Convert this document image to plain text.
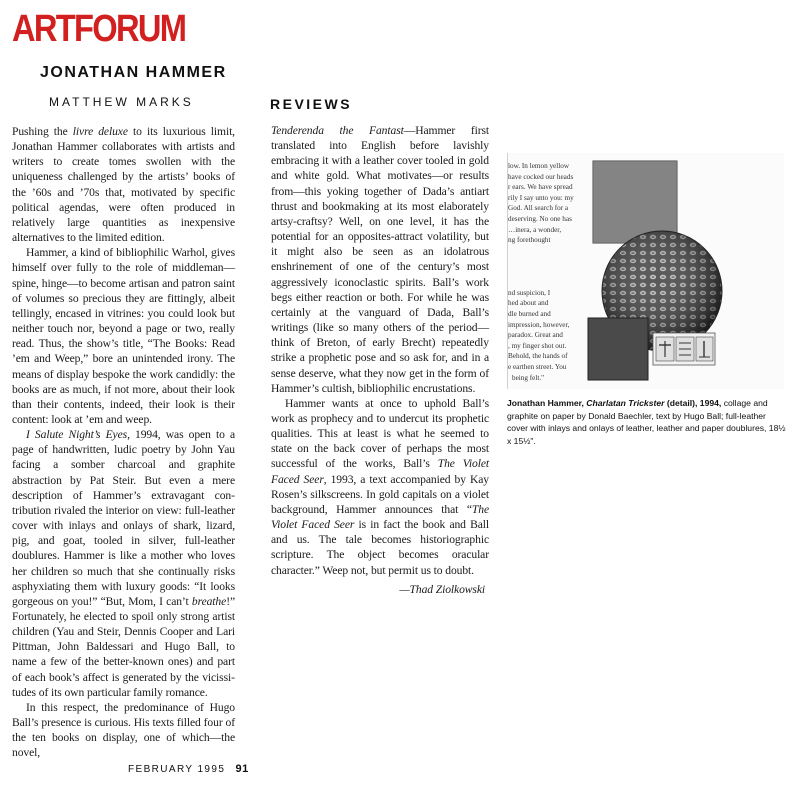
ARTFORUM
JONATHAN HAMMER
MATTHEW MARKS	REVIEWS

Pushing the livre deluxe to its luxurious limit, Jonathan Hammer collaborates with artists and writers to create tomes swollen with the uniqueness challenged by the artists’ books of the ’60s and ’70s that, motivated by specific political agendas, were often produced in relatively large quantities as inexpensive alternatives to the limited edition.

Hammer, a kind of bibliophilic Warhol, gives himself over fully to the role of middleman—spine, hinge—to become artisan and patron saint of volumes so precious they are fittingly, albeit tellingly, encased in vitrines: you could look but neither touch nor, beyond a page or two, really read. Thus, the show’s title, “The Books: Read ’em and Weep,” bore an unintended irony. The means of display bespoke the work candidly: the books are as much, if not more, about their look than their contents, indeed, their look is their content: look at ’em and weep.

I Salute Night’s Eyes, 1994, was open to a page of handwritten, ludic poetry by John Yau facing a somber charcoal and graphite abstraction by Pat Steir. But even a mere description of Hammer’s extravagant contribution rivaled the interior on view: full-leather cover with inlays and onlays of shark, lizard, pig, and goat, tooled in silver, full-leather doublures. Hammer is like a mother who loves her children so much that she continually risks asphyxiating them with luxury goods: “It looks gorgeous on you!” “But, Mom, I can’t breathe!” Fortunately, he elected to spoil only strong artist children (Yau and Steir, Dennis Cooper and Lari Pittman, John Baldessari and Hugo Ball, to name a few of the better-known ones) and part of each book’s affect is generated by the vicissitudes of its own particular family romance.

In this respect, the predominance of Hugo Ball’s presence is curious. His texts filled four of the ten books on display, one of which—the novel,

Tenderenda the Fantast—Hammer first translated into English before lavishly embracing it with a leather cover tooled in gold and white gold. What motivates—or results from—this yoking together of Dada’s antiart thrust and bookmaking at its most elaborately artsy-craftsy? Well, on one level, it has the potential for an opposites-attract volatility, but it might also be seen as an idolatrous enshrinement of one of the century’s most aggressively iconoclastic spirits. Ball’s work begs either reaction or both. For while he was certainly at the vanguard of Dada, Ball’s writings (like so many others of the period—think of Breton, of early Brecht) repeatedly strike a prophetic pose and so ask for, and in a sense deserve, what they now get in the form of Hammer’s cultish, bibliophilic encrustations.

Hammer wants at once to uphold Ball’s work as prophecy and to undercut its prophetic qualities. This at least is what he seemed to state on the back cover of perhaps the most successful of the works, Ball’s The Violet Faced Seer, 1993, a text accompanied by Kay Rosen’s silkscreens. In gold capitals on a violet background, Hammer announces that “The Violet Faced Seer is in fact the book and Ball and us. The tale becomes historiographic scripture. The object becomes oracular character.” Weep not, but permit us to doubt.

—Thad Ziolkowski

low. In lemon yellow
have cocked our heads
r ears. We have spread
rily I say unto you: my
God. All search for a
deserving. No one has
…inera, a wonder,
ng forethought
nd suspicion, I
hed about and
dle burned and
impression, however,
paradox. Great and
, my finger shot out.
Behold, the hands of
e earthen street. You
being felt."
Jonathan Hammer, Charlatan Trickster (detail), 1994, collage and graphite on paper by Donald Baechler, text by Hugo Ball; full-leather cover with inlays and onlays of leather, leather and paper doublures, 18½ x 15½".
FEBRUARY 1995 91
